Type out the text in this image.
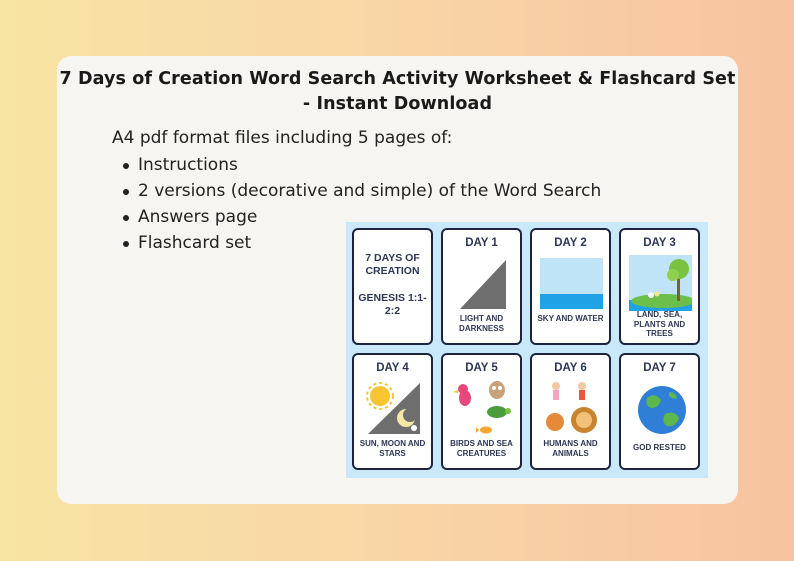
7 Days of Creation Word Search Activity Worksheet & Flashcard Set
- Instant Download
A4 pdf format files including 5 pages of:
Instructions
2 versions (decorative and simple) of the Word Search
Answers page
Flashcard set
7 DAYS OF CREATION
GENESIS 1:1-2:2
DAY 1
LIGHT AND DARKNESS
DAY 2
SKY AND WATER
DAY 3
LAND, SEA, PLANTS AND TREES
DAY 4
SUN, MOON AND STARS
DAY 5
BIRDS AND SEA CREATURES
DAY 6
HUMANS AND ANIMALS
DAY 7
GOD RESTED
